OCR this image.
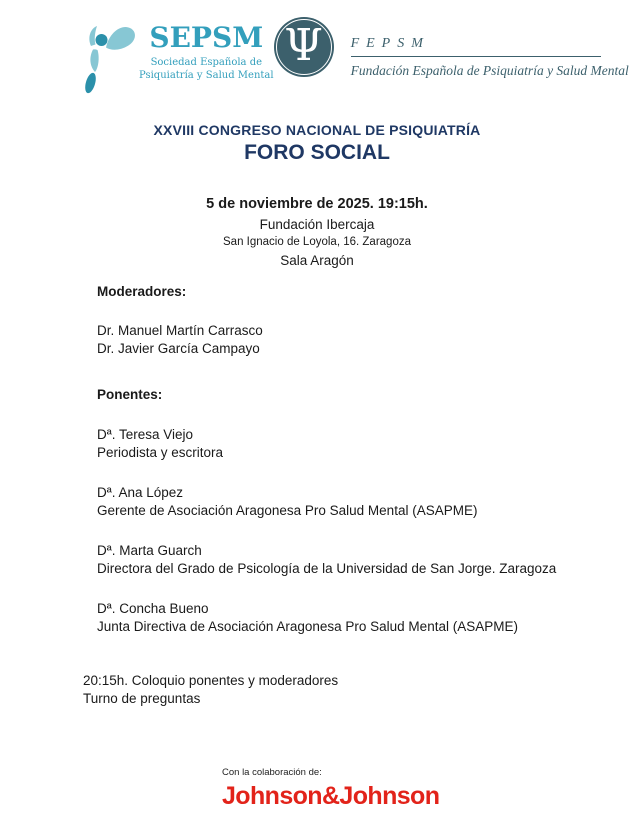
SEPSM
Sociedad Española de
Psiquiatría y Salud Mental
Ψ FEPSM
Fundación Española de Psiquiatría y Salud Mental
XXVIII CONGRESO NACIONAL DE PSIQUIATRÍA
FORO SOCIAL
5 de noviembre de 2025. 19:15h.
Fundación Ibercaja
San Ignacio de Loyola, 16. Zaragoza
Sala Aragón
Moderadores:
Dr. Manuel Martín Carrasco
Dr. Javier García Campayo
Ponentes:
Dª. Teresa Viejo
Periodista y escritora
Dª. Ana López
Gerente de Asociación Aragonesa Pro Salud Mental (ASAPME)
Dª. Marta Guarch
Directora del Grado de Psicología de la Universidad de San Jorge. Zaragoza
Dª. Concha Bueno
Junta Directiva de Asociación Aragonesa Pro Salud Mental (ASAPME)
20:15h. Coloquio ponentes y moderadores
Turno de preguntas
Con la colaboración de:
Johnson&Johnson
